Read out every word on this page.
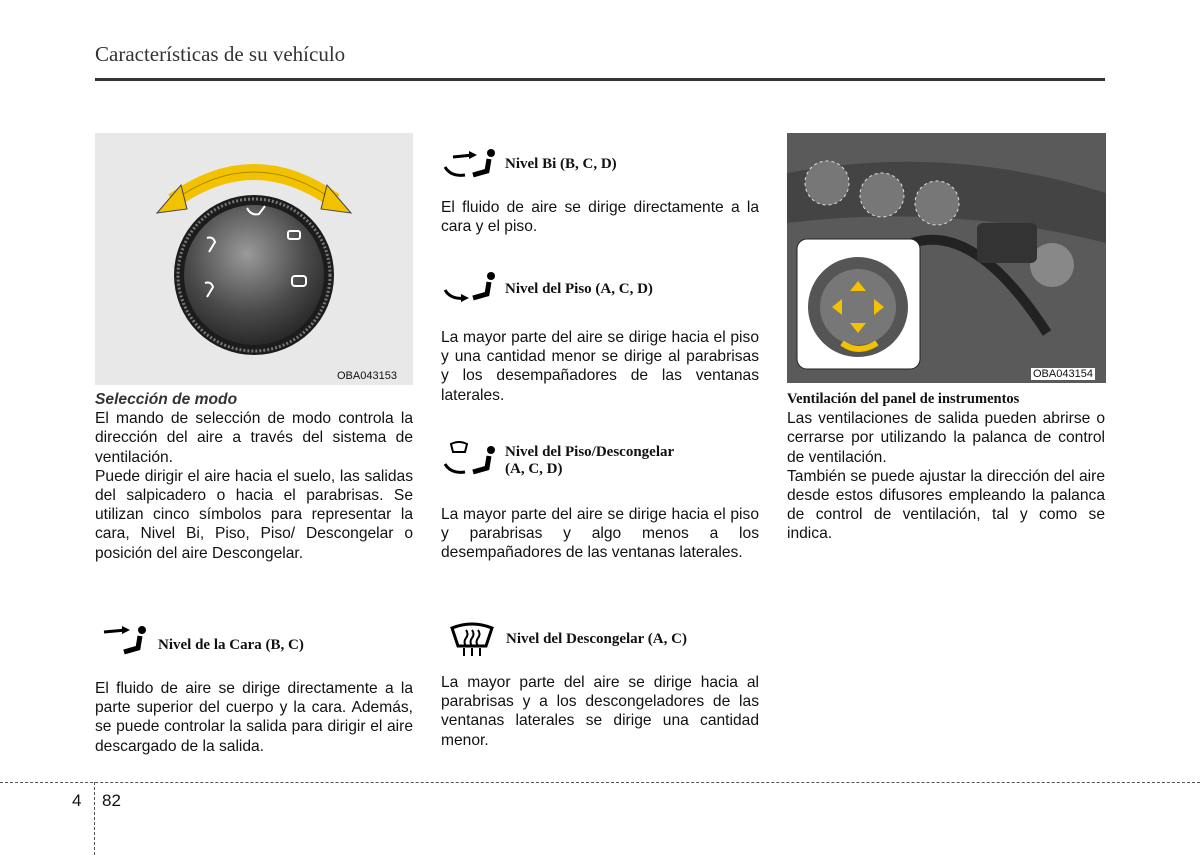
Características de su vehículo
OBA043153

Selección de modo

El mando de selección de modo controla la dirección del aire a través del sistema de ventilación.

Puede dirigir el aire hacia el suelo, las salidas del salpicadero o hacia el parabrisas. Se utilizan cinco símbolos para representar la cara, Nivel Bi, Piso, Piso/ Descongelar o posición del aire Descongelar.

Nivel de la Cara (B, C)

El fluido de aire se dirige directamente a la parte superior del cuerpo y la cara. Además, se puede controlar la salida para dirigir el aire descargado de la salida.

Nivel Bi (B, C, D)

El fluido de aire se dirige directamente a la cara y el piso.

Nivel del Piso (A, C, D)

La mayor parte del aire se dirige hacia el piso y una cantidad menor se dirige al parabrisas y los desempañadores de las ventanas laterales.

Nivel del Piso/Descongelar
(A, C, D)

La mayor parte del aire se dirige hacia el piso y parabrisas y algo menos a los desempañadores de las ventanas laterales.

Nivel del Descongelar (A, C)

La mayor parte del aire se dirige hacia al parabrisas y a los descongeladores de las ventanas laterales se dirige una cantidad menor.

OBA043154

Ventilación del panel de instrumentos

Las ventilaciones de salida pueden abrirse o cerrarse por utilizando la palanca de control de ventilación.

También se puede ajustar la dirección del aire desde estos difusores empleando la palanca de control de ventilación, tal y como se indica.

4 82
